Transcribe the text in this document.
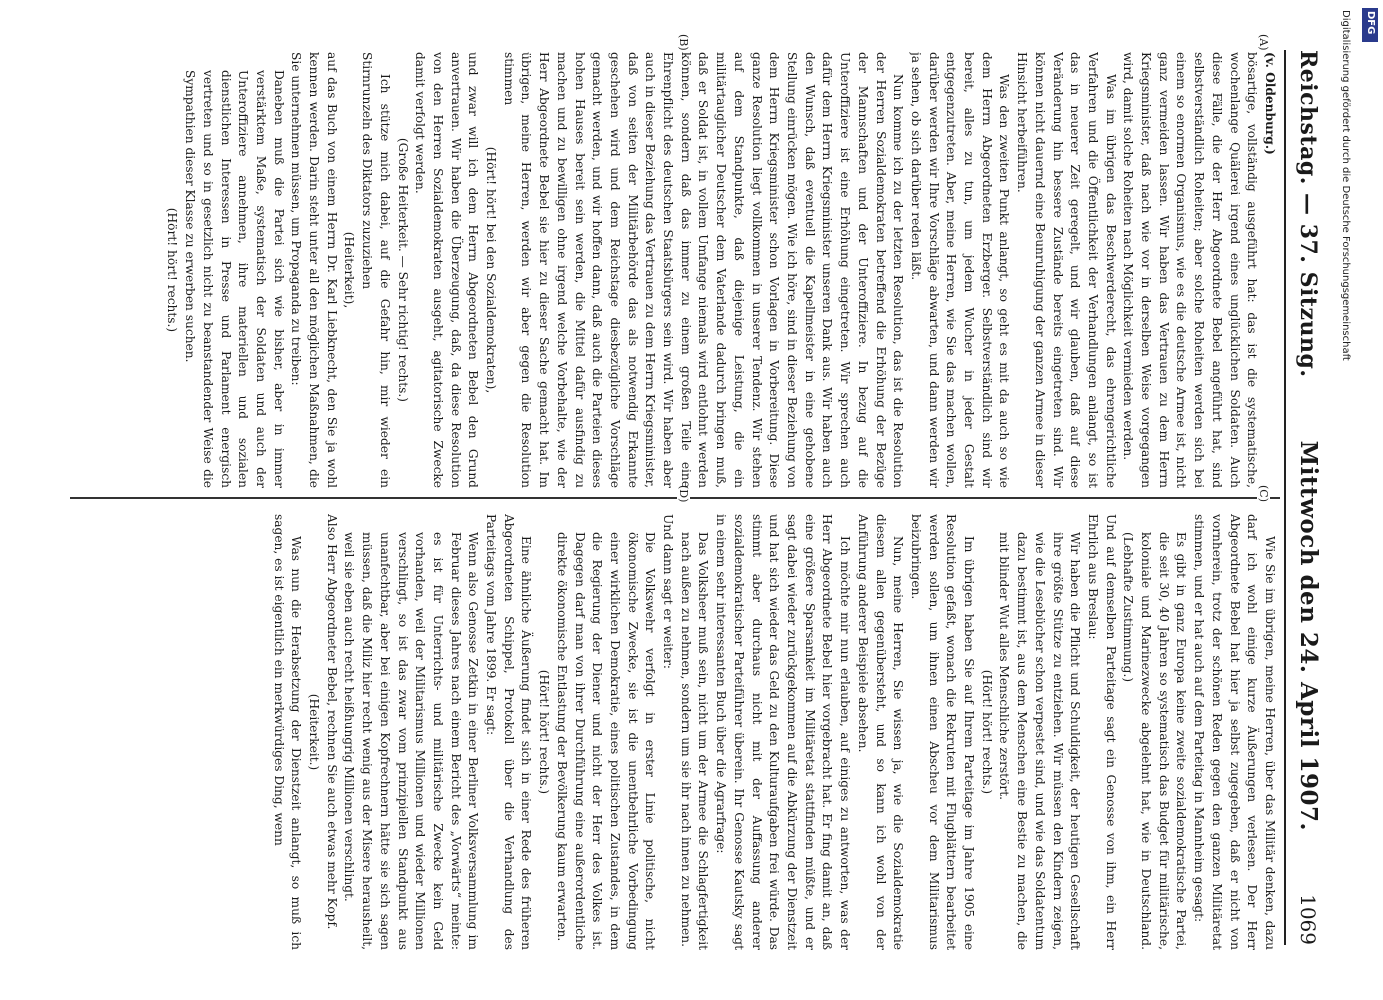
Reichstag. — 37. Sitzung.
Mittwoch den 24. April 1907.
1069
(A)
(B)
(C)
(D)

(v. Oldenburg.)

bösartige, vollständig ausgeführt hat: das ist die systematische, wochenlange Quälerei irgend eines unglücklichen Soldaten. Auch diese Fälle, die der Herr Abgeordnete Bebel angeführt hat, sind selbstverständlich Roheiten; aber solche Roheiten werden sich bei einem so enormen Organismus, wie es die deutsche Armee ist, nicht ganz vermeiden lassen. Wir haben das Vertrauen zu dem Herrn Kriegsminister, daß nach wie vor in derselben Weise vorgegangen wird, damit solche Roheiten nach Möglichkeit vermieden werden.

Was im übrigen das Beschwerderecht, das ehrengerichtliche Verfahren und die Öffentlichkeit der Verhandlungen anlangt, so ist das in neuerer Zeit geregelt, und wir glauben, daß auf diese Veränderung hin bessere Zustände bereits eingetreten sind. Wir können nicht dauernd eine Beunruhigung der ganzen Armee in dieser Hinsicht herbeiführen.

Was den zweiten Punkt anlangt, so geht es mit da auch so wie dem Herrn Abgeordneten Erzberger. Selbstverständlich sind wir bereit, alles zu tun, um jedem Wucher in jeder Gestalt entgegenzutreten. Aber, meine Herren, wie Sie das machen wollen, darüber werden wir Ihre Vorschläge abwarten, und dann werden wir ja sehen, ob sich darüber reden läßt.

Nun komme ich zu der letzten Resolution, das ist die Resolution der Herren Sozialdemokraten betreffend die Erhöhung der Bezüge der Mannschaften und der Unteroffiziere. In bezug auf die Unteroffiziere ist eine Erhöhung eingetreten. Wir sprechen auch dafür dem Herrn Kriegsminister unseren Dank aus. Wir haben auch den Wunsch, daß eventuell die Kapellmeister in eine gehobene Stellung einrücken mögen. Wie ich höre, sind in dieser Beziehung von dem Herrn Kriegsminister schon Vorlagen in Vorbereitung. Diese ganze Resolution liegt vollkommen in unserer Tendenz. Wir stehen auf dem Standpunkte, daß diejenige Leistung, die ein militärtauglicher Deutscher dem Vaterlande dadurch bringen muß, daß er Soldat ist, in vollem Umfange niemals wird entlohnt werden können, sondern daß das immer zu einem großen Teile eine Ehrenpflicht des deutschen Staatsbürgers sein wird. Wir haben aber auch in dieser Beziehung das Vertrauen zu dem Herrn Kriegsminister, daß von seiten der Militärbehörde das als notwendig Erkannte geschehen wird und dem Reichstage diesbezügliche Vorschläge gemacht werden, und wir hoffen dann, daß auch die Parteien dieses hohen Hauses bereit sein werden, die Mittel dafür ausfindig zu machen und zu bewilligen ohne irgend welche Vorbehalte, wie der Herr Abgeordnete Bebel sie hier zu dieser Sache gemacht hat. Im übrigen, meine Herren, werden wir aber gegen die Resolution stimmen

(Hört! hört! bei den Sozialdemokraten),

und zwar will ich dem Herrn Abgeordneten Bebel den Grund anvertrauen. Wir haben die Überzeugung, daß, da diese Resolution von den Herren Sozialdemokraten ausgeht, agitatorische Zwecke damit verfolgt werden.

(Große Heiterkeit. — Sehr richtig! rechts.)

Ich stütze mich dabei, auf die Gefahr hin, mir wieder ein Stirnrunzeln des Diktators zuzuziehen

(Heiterkeit),

auf das Buch von einem Herrn Dr. Karl Liebknecht, den Sie ja wohl kennen werden. Darin steht unter all den möglichen Maßnahmen, die Sie unternehmen müssen, um Propaganda zu treiben:

Daneben muß die Partei sich wie bisher, aber in immer verstärktem Maße, systematisch der Soldaten und auch der Unteroffiziere annehmen, ihre materiellen und sozialen dienstlichen Interessen in Presse und Parlament energisch vertreten und so in gesetzlich nicht zu beanstandender Weise die Sympathien dieser Klasse zu erwerben suchen.

(Hört! hört! rechts.)

Wie Sie im übrigen, meine Herren, über das Militär denken, dazu darf ich wohl einige kurze Äußerungen verlesen. Der Herr Abgeordnete Bebel hat hier ja selbst zugegeben, daß er nicht von vornherein, trotz der schönen Reden gegen den ganzen Militäretat stimmen, und er hat auch auf dem Parteitag in Mannheim gesagt:

Es gibt in ganz Europa keine zweite sozialdemokratische Partei, die seit 30, 40 Jahren so systematisch das Budget für militärische, koloniale und Marinezwecke abgelehnt hat, wie in Deutschland. (Lebhafte Zustimmung.)

Und auf demselben Parteitage sagt ein Genosse von ihm, ein Herr Ehrlich aus Breslau:

Wir haben die Pflicht und Schuldigkeit, der heutigen Gesellschaft ihre größte Stütze zu entziehen. Wir müssen den Kindern zeigen, wie die Lesebücher schon verpestet sind, und wie das Soldatentum dazu bestimmt ist, aus dem Menschen eine Bestie zu machen, die mit blinder Wut alles Menschliche zerstört.

(Hört! hört! rechts.)

Im übrigen haben Sie auf Ihrem Parteitage im Jahre 1905 eine Resolution gefaßt, wonach die Rekruten mit Flugblättern bearbeitet werden sollen, um ihnen einen Abscheu vor dem Militarismus beizubringen.

Nun, meine Herren, Sie wissen ja, wie die Sozialdemokratie diesem allen gegenübersteht, und so kann ich wohl von der Anführung anderer Beispiele absehen.

Ich möchte mir nun erlauben, auf einiges zu antworten, was der Herr Abgeordnete Bebel hier vorgebracht hat. Er fing damit an, daß eine größere Sparsamkeit im Militäretat stattfinden müßte, und er sagt dabei wieder zurückgekommen auf die Abkürzung der Dienstzeit und hat sich wieder das Geld zu den Kulturaufgaben frei würde. Das stimmt aber durchaus nicht mit der Auffassung anderer sozialdemokratischer Parteiführer überein. Ihr Genosse Kautsky sagt in einem sehr interessanten Buch über die Agrarfrage:

Das Volksheer muß sein, nicht um der Armee die Schlagfertigkeit nach außen zu nehmen, sondern um sie ihr nach innen zu nehmen.

Und dann sagt er weiter:

Die Volkswehr verfolgt in erster Linie politische, nicht ökonomische Zwecke, sie ist die unentbehrliche Vorbedingung einer wirklichen Demokratie, eines politischen Zustandes, in dem die Regierung der Diener und nicht der Herr des Volkes ist. Dagegen darf man von ihrer Durchführung eine außerordentliche direkte ökonomische Entlastung der Bevölkerung kaum erwarten.

(Hört! hört! rechts.)

Eine ähnliche Äußerung findet sich in einer Rede des früheren Abgeordneten Schippel, Protokoll über die Verhandlung des Parteitags vom Jahre 1899. Er sagt:

Wenn also Genosse Zetkin in einer Berliner Volksversammlung im Februar dieses Jahres nach einem Bericht des „Vorwärts“ meinte: es ist für Unterrichts- und militärische Zwecke kein Geld vorhanden, weil der Militarismus Millionen und wieder Millionen verschlingt, so ist das zwar vom prinzipiellen Standpunkt aus unanfechtbar, aber bei einigen Kopfrechnern hätte sie sich sagen müssen, daß die Miliz hier recht wenig aus der Misere herausheilt, weil sie eben auch recht heißhungrig Millionen verschlingt.

Also Herr Abgeordneter Bebel, rechnen Sie auch etwas mehr Kopf.

(Heiterkeit.)

Was nun die Herabsetzung der Dienstzeit anlangt, so muß ich sagen, es ist eigentlich ein merkwürdiges Ding, wenn

Digitalisierung gefördert durch die Deutsche Forschungsgemeinschaft DFG
